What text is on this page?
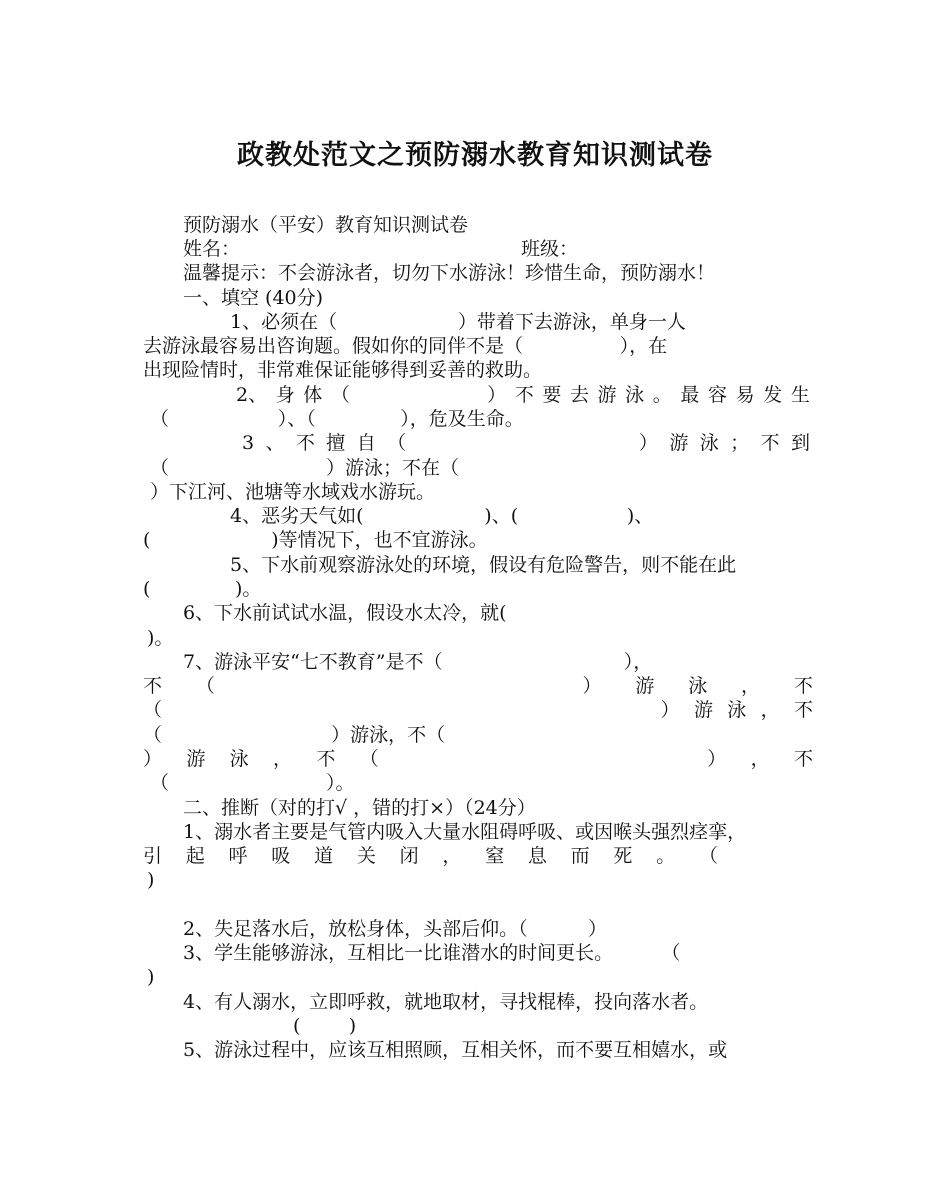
政教处范文之预防溺水教育知识测试卷
预防溺水（平安）教育知识测试卷
姓名：	班级：
温馨提示：不会游泳者，切勿下水游泳！珍惜生命，预防溺水！
一、填空 (40分)
1、必须在（                    ）带着下去游泳，单身一人
去游泳最容易出咨询题。假如你的同伴不是（                ），在
出现险情时，非常难保证能够得到妥善的救助。
2、 身 体 （	） 不 要 去 游 泳 。 最 容 易 发 生
（                  ）、（              ），危及生命。
3 、 不 擅 自 （	） 游 泳 ； 不 到
（                          ）游泳；不在（
）下江河、池塘等水域戏水游玩。
4、恶劣天气如(                    )、(                  )、
(                    )等情况下，也不宜游泳。
5、下水前观察游泳处的环境，假设有危险警告，则不能在此
(              )。
6、下水前试试水温，假设水太冷，就(
)。
7、游泳平安“七不教育”是不（                              ），
不 （	） 游 泳 ， 不
（	） 游 泳 ， 不
（                            ）游泳，不（
） 游 泳 ， 不 （	） ， 不
（                          ）。
二、推断（对的打√ ，错的打×）（24分）
1、溺水者主要是气管内吸入大量水阻碍呼吸、或因喉头强烈痉挛，
引 起 呼 吸 道 关 闭 ， 窒 息 而 死 。 （
)
2、失足落水后，放松身体，头部后仰。（          ）
3、学生能够游泳，互相比一比谁潜水的时间更长。        （
)
4、有人溺水，立即呼救，就地取材，寻找棍棒，投向落水者。
(        )
5、游泳过程中，应该互相照顾，互相关怀，而不要互相嬉水，或
